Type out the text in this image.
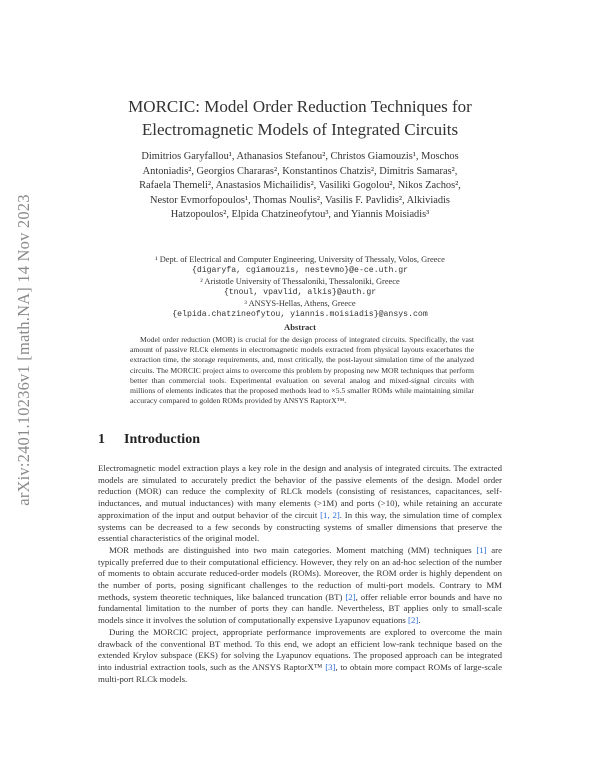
arXiv:2401.10236v1 [math.NA] 14 Nov 2023
MORCIC: Model Order Reduction Techniques for
Electromagnetic Models of Integrated Circuits
Dimitrios Garyfallou¹, Athanasios Stefanou², Christos Giamouzis¹, Moschos
Antoniadis², Georgios Chararas², Konstantinos Chatzis², Dimitris Samaras²,
Rafaela Themeli², Anastasios Michailidis², Vasiliki Gogolou², Nikos Zachos²,
Nestor Evmorfopoulos¹, Thomas Noulis², Vasilis F. Pavlidis², Alkiviadis
Hatzopoulos², Elpida Chatzineofytou³, and Yiannis Moisiadis³
¹ Dept. of Electrical and Computer Engineering, University of Thessaly, Volos, Greece
{digaryfa, cgiamouzis, nestevmo}@e-ce.uth.gr
² Aristotle University of Thessaloniki, Thessaloniki, Greece
{tnoul, vpavlid, alkis}@auth.gr
³ ANSYS-Hellas, Athens, Greece
{elpida.chatzineofytou, yiannis.moisiadis}@ansys.com
Abstract

Model order reduction (MOR) is crucial for the design process of integrated circuits. Specifically, the vast amount of passive RLCk elements in electromagnetic models extracted from physical layouts exacerbates the extraction time, the storage requirements, and, most critically, the post-layout simulation time of the analyzed circuits. The MORCIC project aims to overcome this problem by proposing new MOR techniques that perform better than commercial tools. Experimental evaluation on several analog and mixed-signal circuits with millions of elements indicates that the proposed methods lead to ×5.5 smaller ROMs while maintaining similar accuracy compared to golden ROMs provided by ANSYS RaptorX™.

1 Introduction

Electromagnetic model extraction plays a key role in the design and analysis of integrated circuits. The extracted models are simulated to accurately predict the behavior of the passive elements of the design. Model order reduction (MOR) can reduce the complexity of RLCk models (consisting of resistances, capacitances, self-inductances, and mutual inductances) with many elements (>1M) and ports (>10), while retaining an accurate approximation of the input and output behavior of the circuit [1, 2]. In this way, the simulation time of complex systems can be decreased to a few seconds by constructing systems of smaller dimensions that preserve the essential characteristics of the original model.

MOR methods are distinguished into two main categories. Moment matching (MM) techniques [1] are typically preferred due to their computational efficiency. However, they rely on an ad-hoc selection of the number of moments to obtain accurate reduced-order models (ROMs). Moreover, the ROM order is highly dependent on the number of ports, posing significant challenges to the reduction of multi-port models. Contrary to MM methods, system theoretic techniques, like balanced truncation (BT) [2], offer reliable error bounds and have no fundamental limitation to the number of ports they can handle. Nevertheless, BT applies only to small-scale models since it involves the solution of computationally expensive Lyapunov equations [2].

During the MORCIC project, appropriate performance improvements are explored to overcome the main drawback of the conventional BT method. To this end, we adopt an efficient low-rank technique based on the extended Krylov subspace (EKS) for solving the Lyapunov equations. The proposed approach can be integrated into industrial extraction tools, such as the ANSYS RaptorX™ [3], to obtain more compact ROMs of large-scale multi-port RLCk models.
